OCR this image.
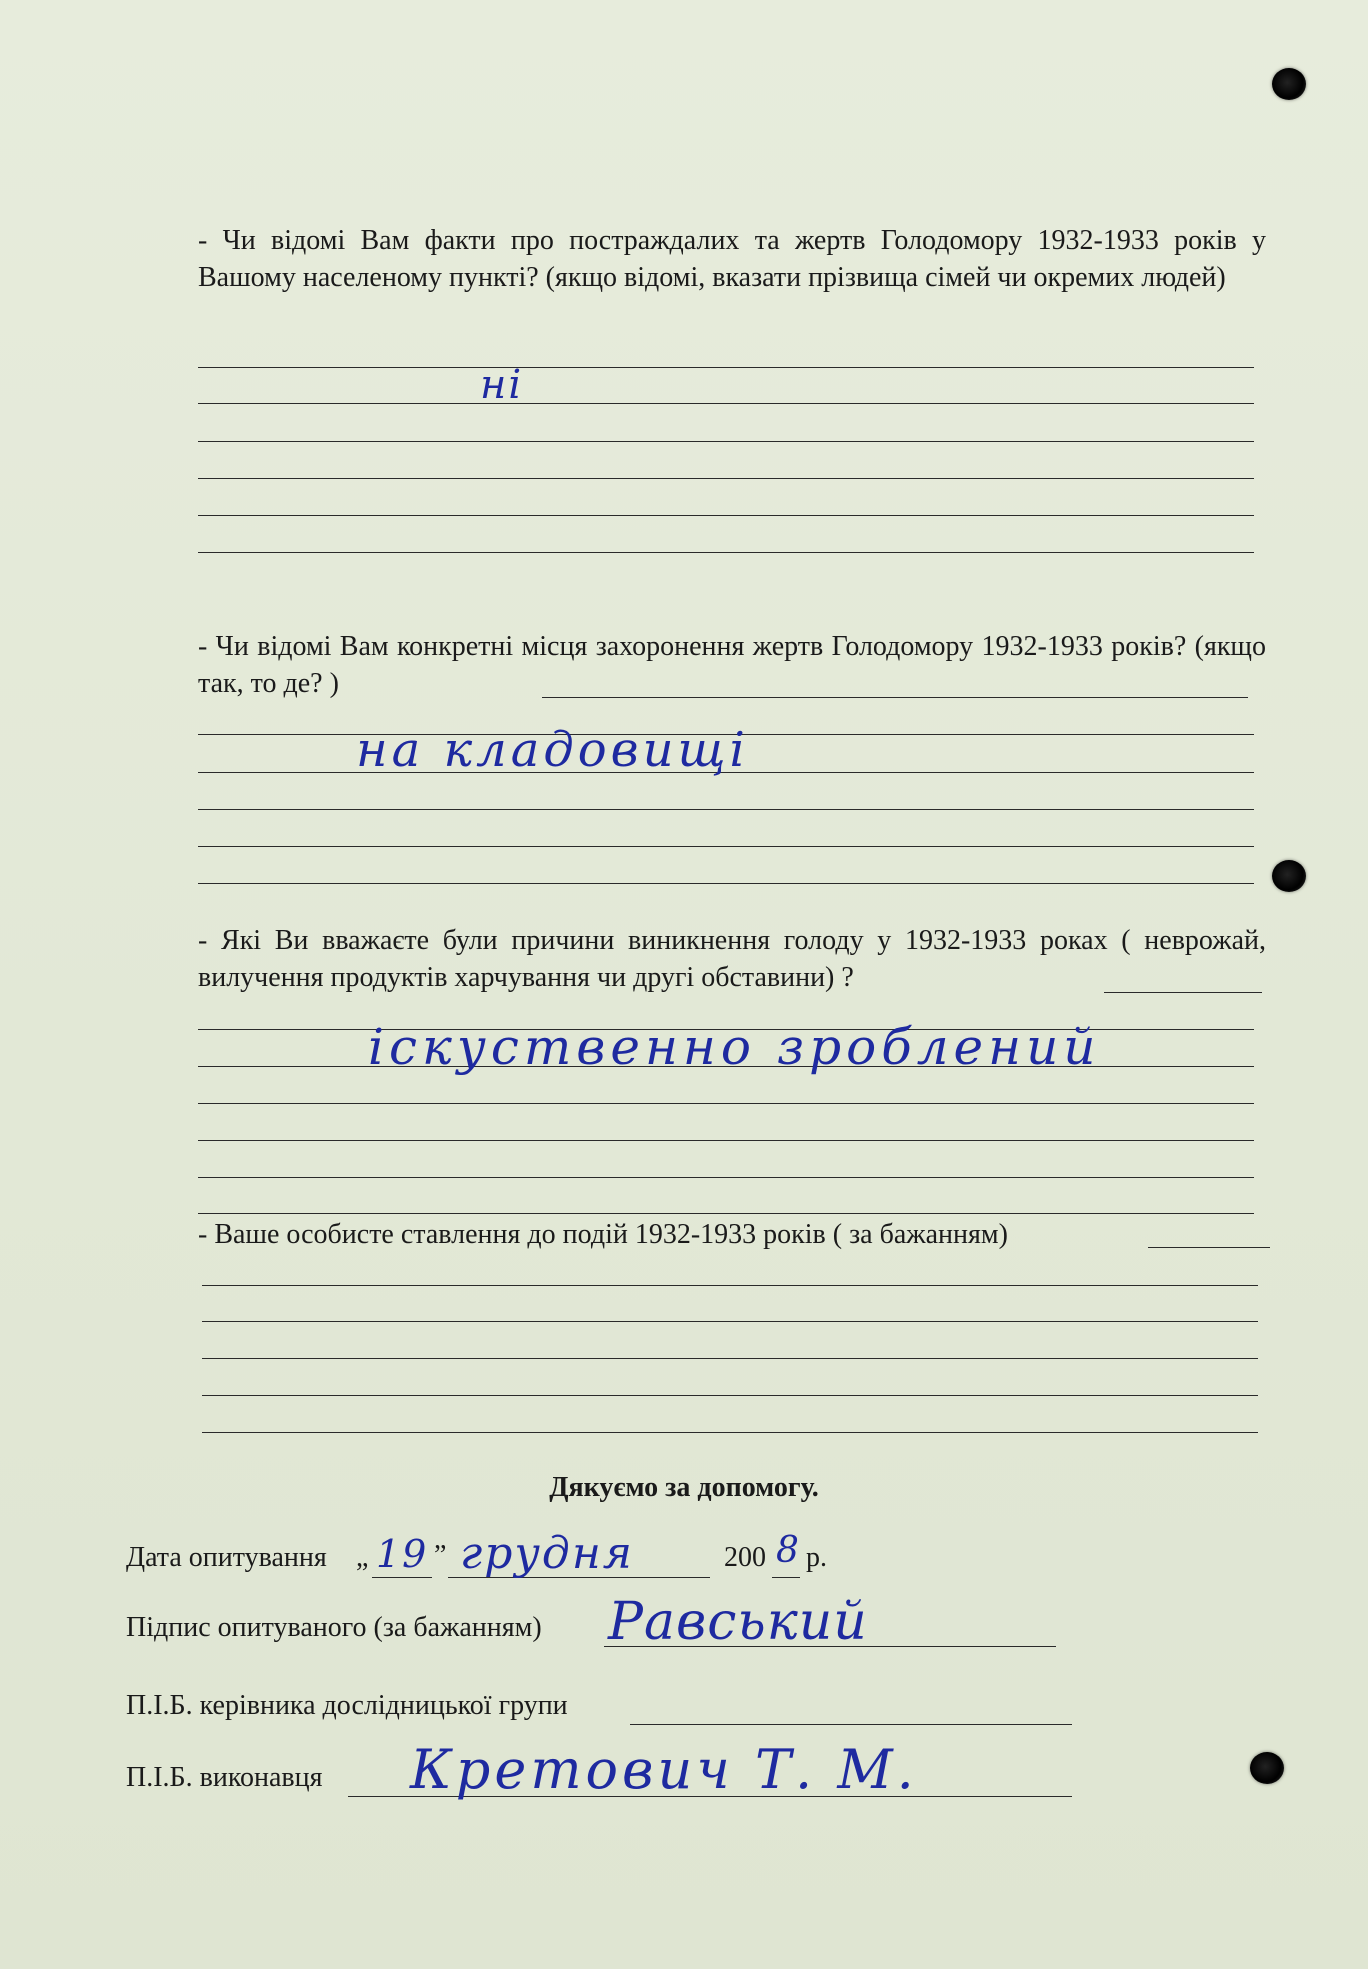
- Чи відомі Вам факти про постраждалих та жертв Голодомору 1932-1933 років у Вашому населеному пункті? (якщо відомі, вказати прізвища сімей чи окремих людей)
ні
- Чи відомі Вам конкретні місця захоронення жертв Голодомору 1932-1933 років? (якщо так, то де? )
на кладовищі
- Які Ви вважаєте були причини виникнення голоду у 1932-1933 роках ( неврожай, вилучення продуктів харчування чи другі обставини) ?
іскуственно зроблений
- Ваше особисте ставлення до подій 1932-1933 років ( за бажанням)
Дякуємо за допомогу.
Дата опитування „ 19 ” грудня	200 8 р.
Підпис опитуваного (за бажанням) Равський
П.І.Б. керівника дослідницької групи
П.І.Б. виконавця Кретович Т. М.
